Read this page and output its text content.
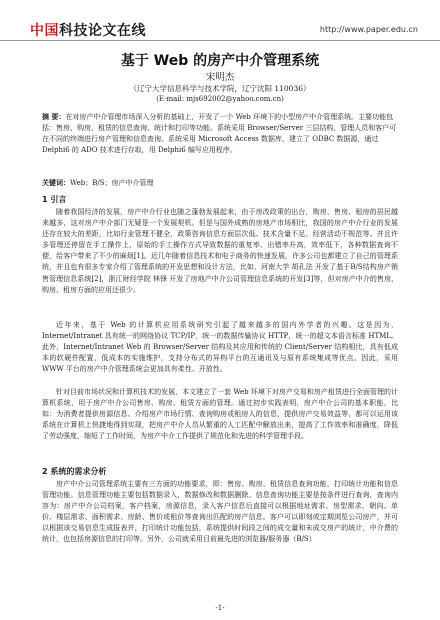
中国 科技论文在线	http://www.paper.edu.cn
基于 Web 的房产中介管理系统
宋明杰
（辽宁大学信息科学与技术学院，辽宁沈阳 110036）
(E-mail: mjs692002@yahoo.com.cn)
摘 要：在对房产中介管理市场深入分析的基础上，开发了一个 Web 环境下的小型房产中介管理系统。主要功能包括：售房、购房、租赁的信息查询、统计和打印等功能。系统采用 Browser/Server 三层结构，管理人员和客户可在不同的终端进行房产管理和信息查询。系统采用 Microsoft Access 数据库，建立了 ODBC 数据源，通过 Delphi6 的 ADO 技术进行存取，用 Delphi6 编写应用程序。
关键词：Web；B/S；房产中介管理
1 引言
随着我国经济的发展，房产中介行业也随之蓬勃发展起来，由于房改政策的出台，购房、售房、租房的居民越来越多，这对房产中介部门无疑是一个发展契机。但是与国外成熟的房地产市场相比，我国的房产中介行业的发展还存在较大的差距，比如行业管理不健全，政策咨询信息方面层次低、技术含量不足、经营活动不规范等。并且许多管理还停留在手工操作上，原始的手工操作方式导致数据的重复率、出错率升高，效率低下，各种数据查询不便，给客户带来了不少的麻烦[1]。近几年随着信息技术和电子商务的快速发展，许多公司也都建立了自己的管理系统，并且也有很多专家介绍了管理系统的开发思想和设计方法，比如，河南大学 胡孔法 开发了基于B/S结构房产销售管理信息系统[2]，浙江财经学院 林锋 开发了房地产中介公司管理信息系统的开发[3]等，但对房产中介的售房、购房、租房方面的应用还很少。
近年来，基于 Web 的计算机应用系统研究引起了越来越多的国内外学者的兴趣。这是因为，Internet/Intranet 具有统一的网络协议 TCP/IP，统一的数据传输协议 HTTP，统一的超文本语言标准 HTML。此外，Internet/Intranet Web 的 Browser/Server 结构及其应用和传统的 Client/Server 结构相比，具有低成本的软硬件配置，低成本的实施维护，支持分布式的异构平台的互通讯及与原有系统集成等优点。因此，采用 WWW 平台的房产中介管理系统会更加具有柔性、开放性。
针对目前市场状况和计算机技术的发展，本文建立了一套 Web 环境下对房产交易和房产租赁进行全面管理的计算机系统，用于房产中介公司售房、购房、租赁方面的管理。通过初步实践表明，房产中介公司的基本职能，比如：为消费者提供房源信息、介绍房产市场行情、查询购房或租房人的信息，提供房产交易效益等，都可以运用该系统在计算机上快捷地得到实现，把房产中介人员从繁重的人工匹配中解放出来，提高了工作效率和准确度，降低了劳动强度，缩短了工作时间，为房产中介工作提供了规范化和先进的科学管理手段。
2 系统的需求分析
房产中介公司管理系统主要有三方面的功能要求，即：售房、购房、租赁信息查询功能，打印统计功能和信息管理功能。信息管理功能主要包括数据录入，数据修改和数据删除。信息查询功能主要是按条件进行查询，查询内容为：房产中介公司档案，客户档案，房源信息，录入客户信息后直接可以根据地址需求、房型需求、朝向、单价、楼层需求、面积需求、房龄、售价或租价等查询出匹配的房产信息。客户可以即刻或定期浏览公司房产，并可以根据该交易信息生成报表并，打印统计功能包括，系统提供时间段之间的成交量和未成交房产的统计，中介费的统计，也包括房源信息的打印等。另外，公司就采用目前最先进的浏览器/服务器（B/S）
-1-
